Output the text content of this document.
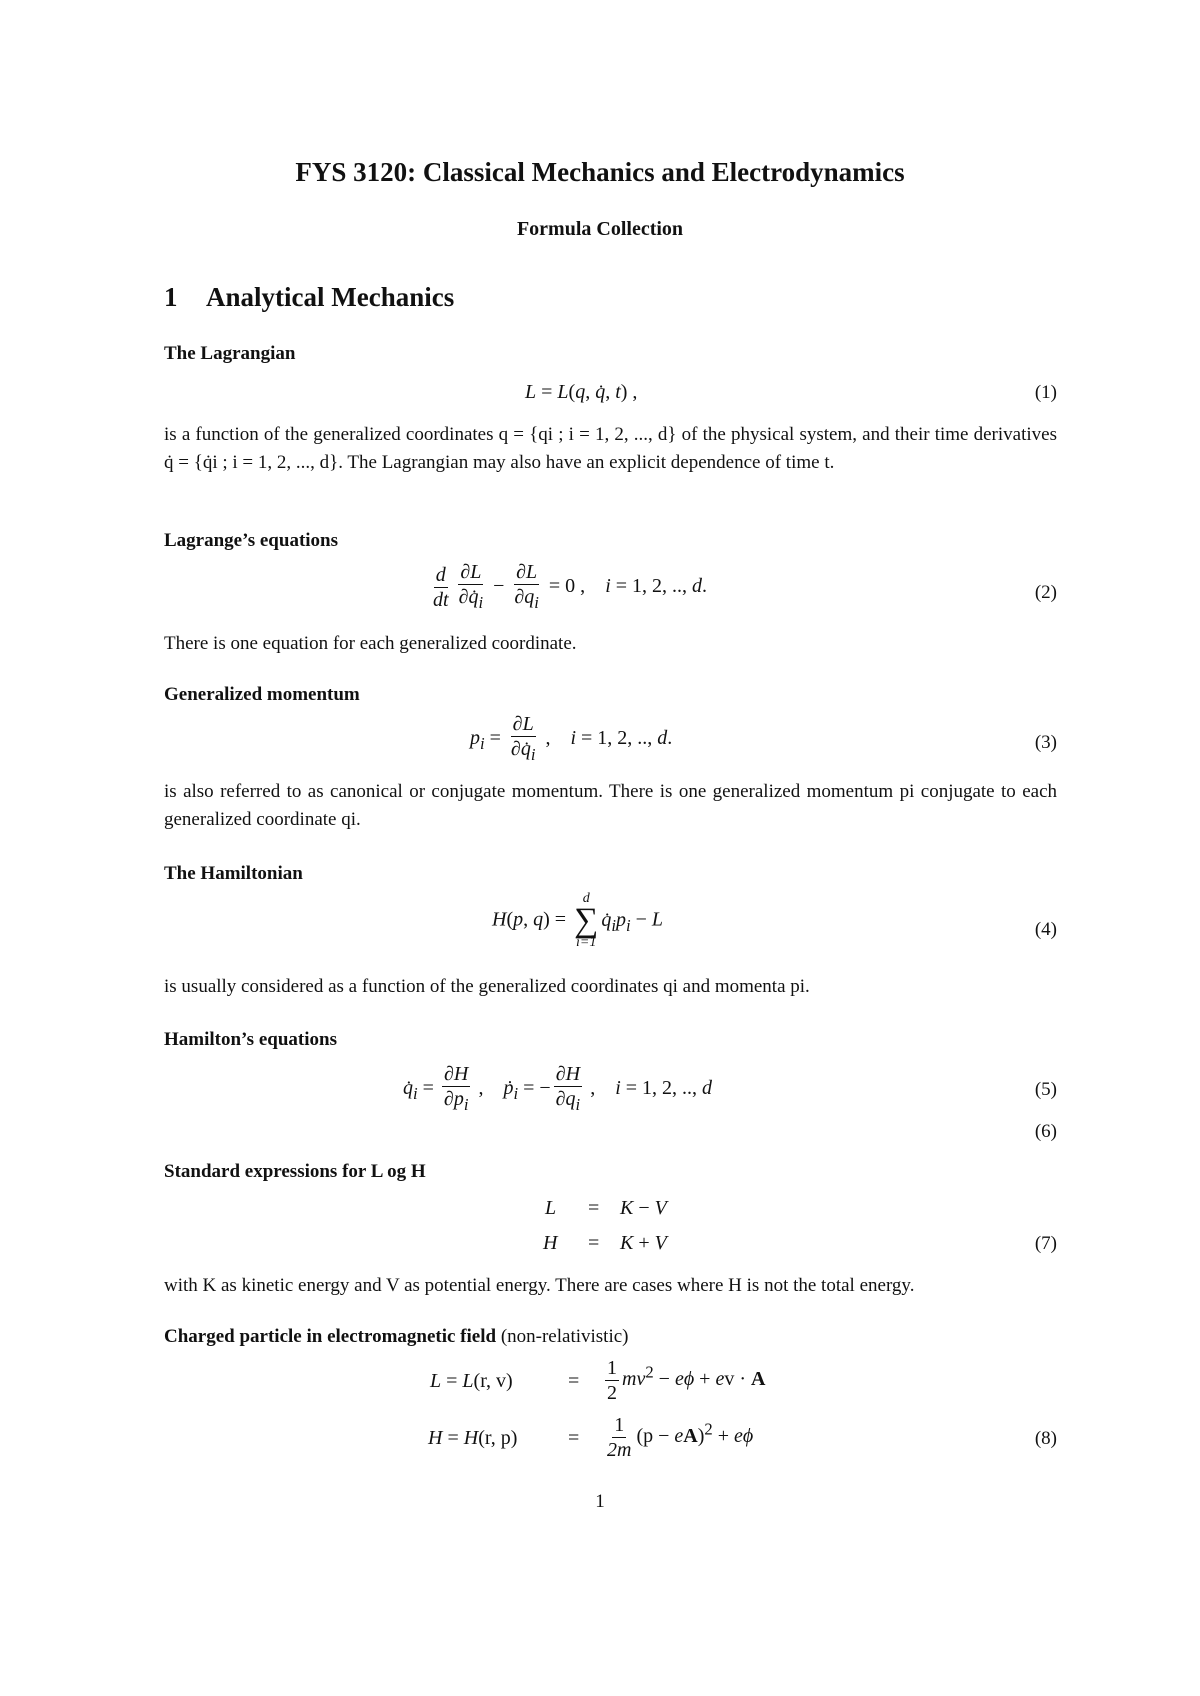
FYS 3120: Classical Mechanics and Electrodynamics
Formula Collection
1 Analytical Mechanics
The Lagrangian
L = L(q, q̇, t) ,	(1)
is a function of the generalized coordinates q = {qi ; i = 1, 2, ..., d} of the physical system, and their time derivatives q̇ = {q̇i ; i = 1, 2, ..., d}. The Lagrangian may also have an explicit dependence of time t.
Lagrange’s equations
$\frac{d}{dt} \frac{\partial L}{\partial q̇_i} - \frac{\partial L}{\partial q_i} = 0$ ,    i = 1, 2, .., d.	(2)
There is one equation for each generalized coordinate.
Generalized momentum
$p_i = \frac{\partial L}{\partial q̇_i}$ ,    i = 1, 2, .., d.	(3)
is also referred to as canonical or conjugate momentum. There is one generalized momentum pi conjugate to each generalized coordinate qi.
The Hamiltonian
H(p, q) =
d
∑
i=1
$q̇_ip_i - L$	(4)
is usually considered as a function of the generalized coordinates qi and momenta pi.
Hamilton’s equations
$q̇_i = \frac{\partial H}{\partial p_i}$ ,    ṗ$_i$ = − $\frac{\partial H}{\partial q_i}$ ,    i = 1, 2, .., d	(5)
(6)
Standard expressions for L og H
L = K − V
H = K + V	(7)
with K as kinetic energy and V as potential energy. There are cases where H is not the total energy.
Charged particle in electromagnetic field (non-relativistic)
L = L(r, v)	= $\frac{1}{2} mv^2 - e\phi$ + ev · A
H = H(r, p)	= $\frac{1}{2m} (p - eA)^2 + e\phi$	(8)
1
